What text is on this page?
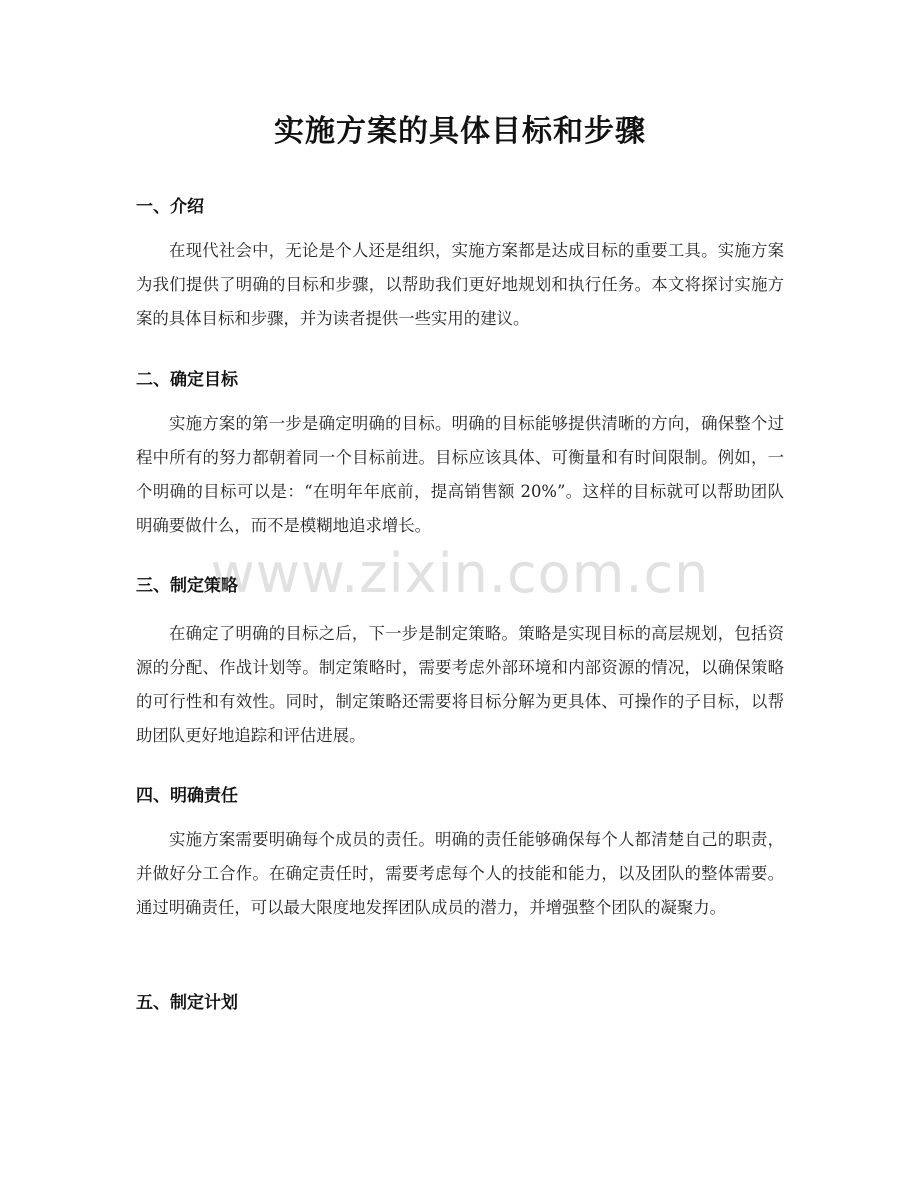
实施方案的具体目标和步骤
一、介绍

在现代社会中，无论是个人还是组织，实施方案都是达成目标的重要工具。实施方案为我们提供了明确的目标和步骤，以帮助我们更好地规划和执行任务。本文将探讨实施方案的具体目标和步骤，并为读者提供一些实用的建议。

二、确定目标

实施方案的第一步是确定明确的目标。明确的目标能够提供清晰的方向，确保整个过程中所有的努力都朝着同一个目标前进。目标应该具体、可衡量和有时间限制。例如，一个明确的目标可以是：“在明年年底前，提高销售额 20%”。这样的目标就可以帮助团队明确要做什么，而不是模糊地追求增长。

三、制定策略

在确定了明确的目标之后，下一步是制定策略。策略是实现目标的高层规划，包括资源的分配、作战计划等。制定策略时，需要考虑外部环境和内部资源的情况，以确保策略的可行性和有效性。同时，制定策略还需要将目标分解为更具体、可操作的子目标，以帮助团队更好地追踪和评估进展。

四、明确责任

实施方案需要明确每个成员的责任。明确的责任能够确保每个人都清楚自己的职责，并做好分工合作。在确定责任时，需要考虑每个人的技能和能力，以及团队的整体需要。通过明确责任，可以最大限度地发挥团队成员的潜力，并增强整个团队的凝聚力。

五、制定计划
www.zixin.com.cn
